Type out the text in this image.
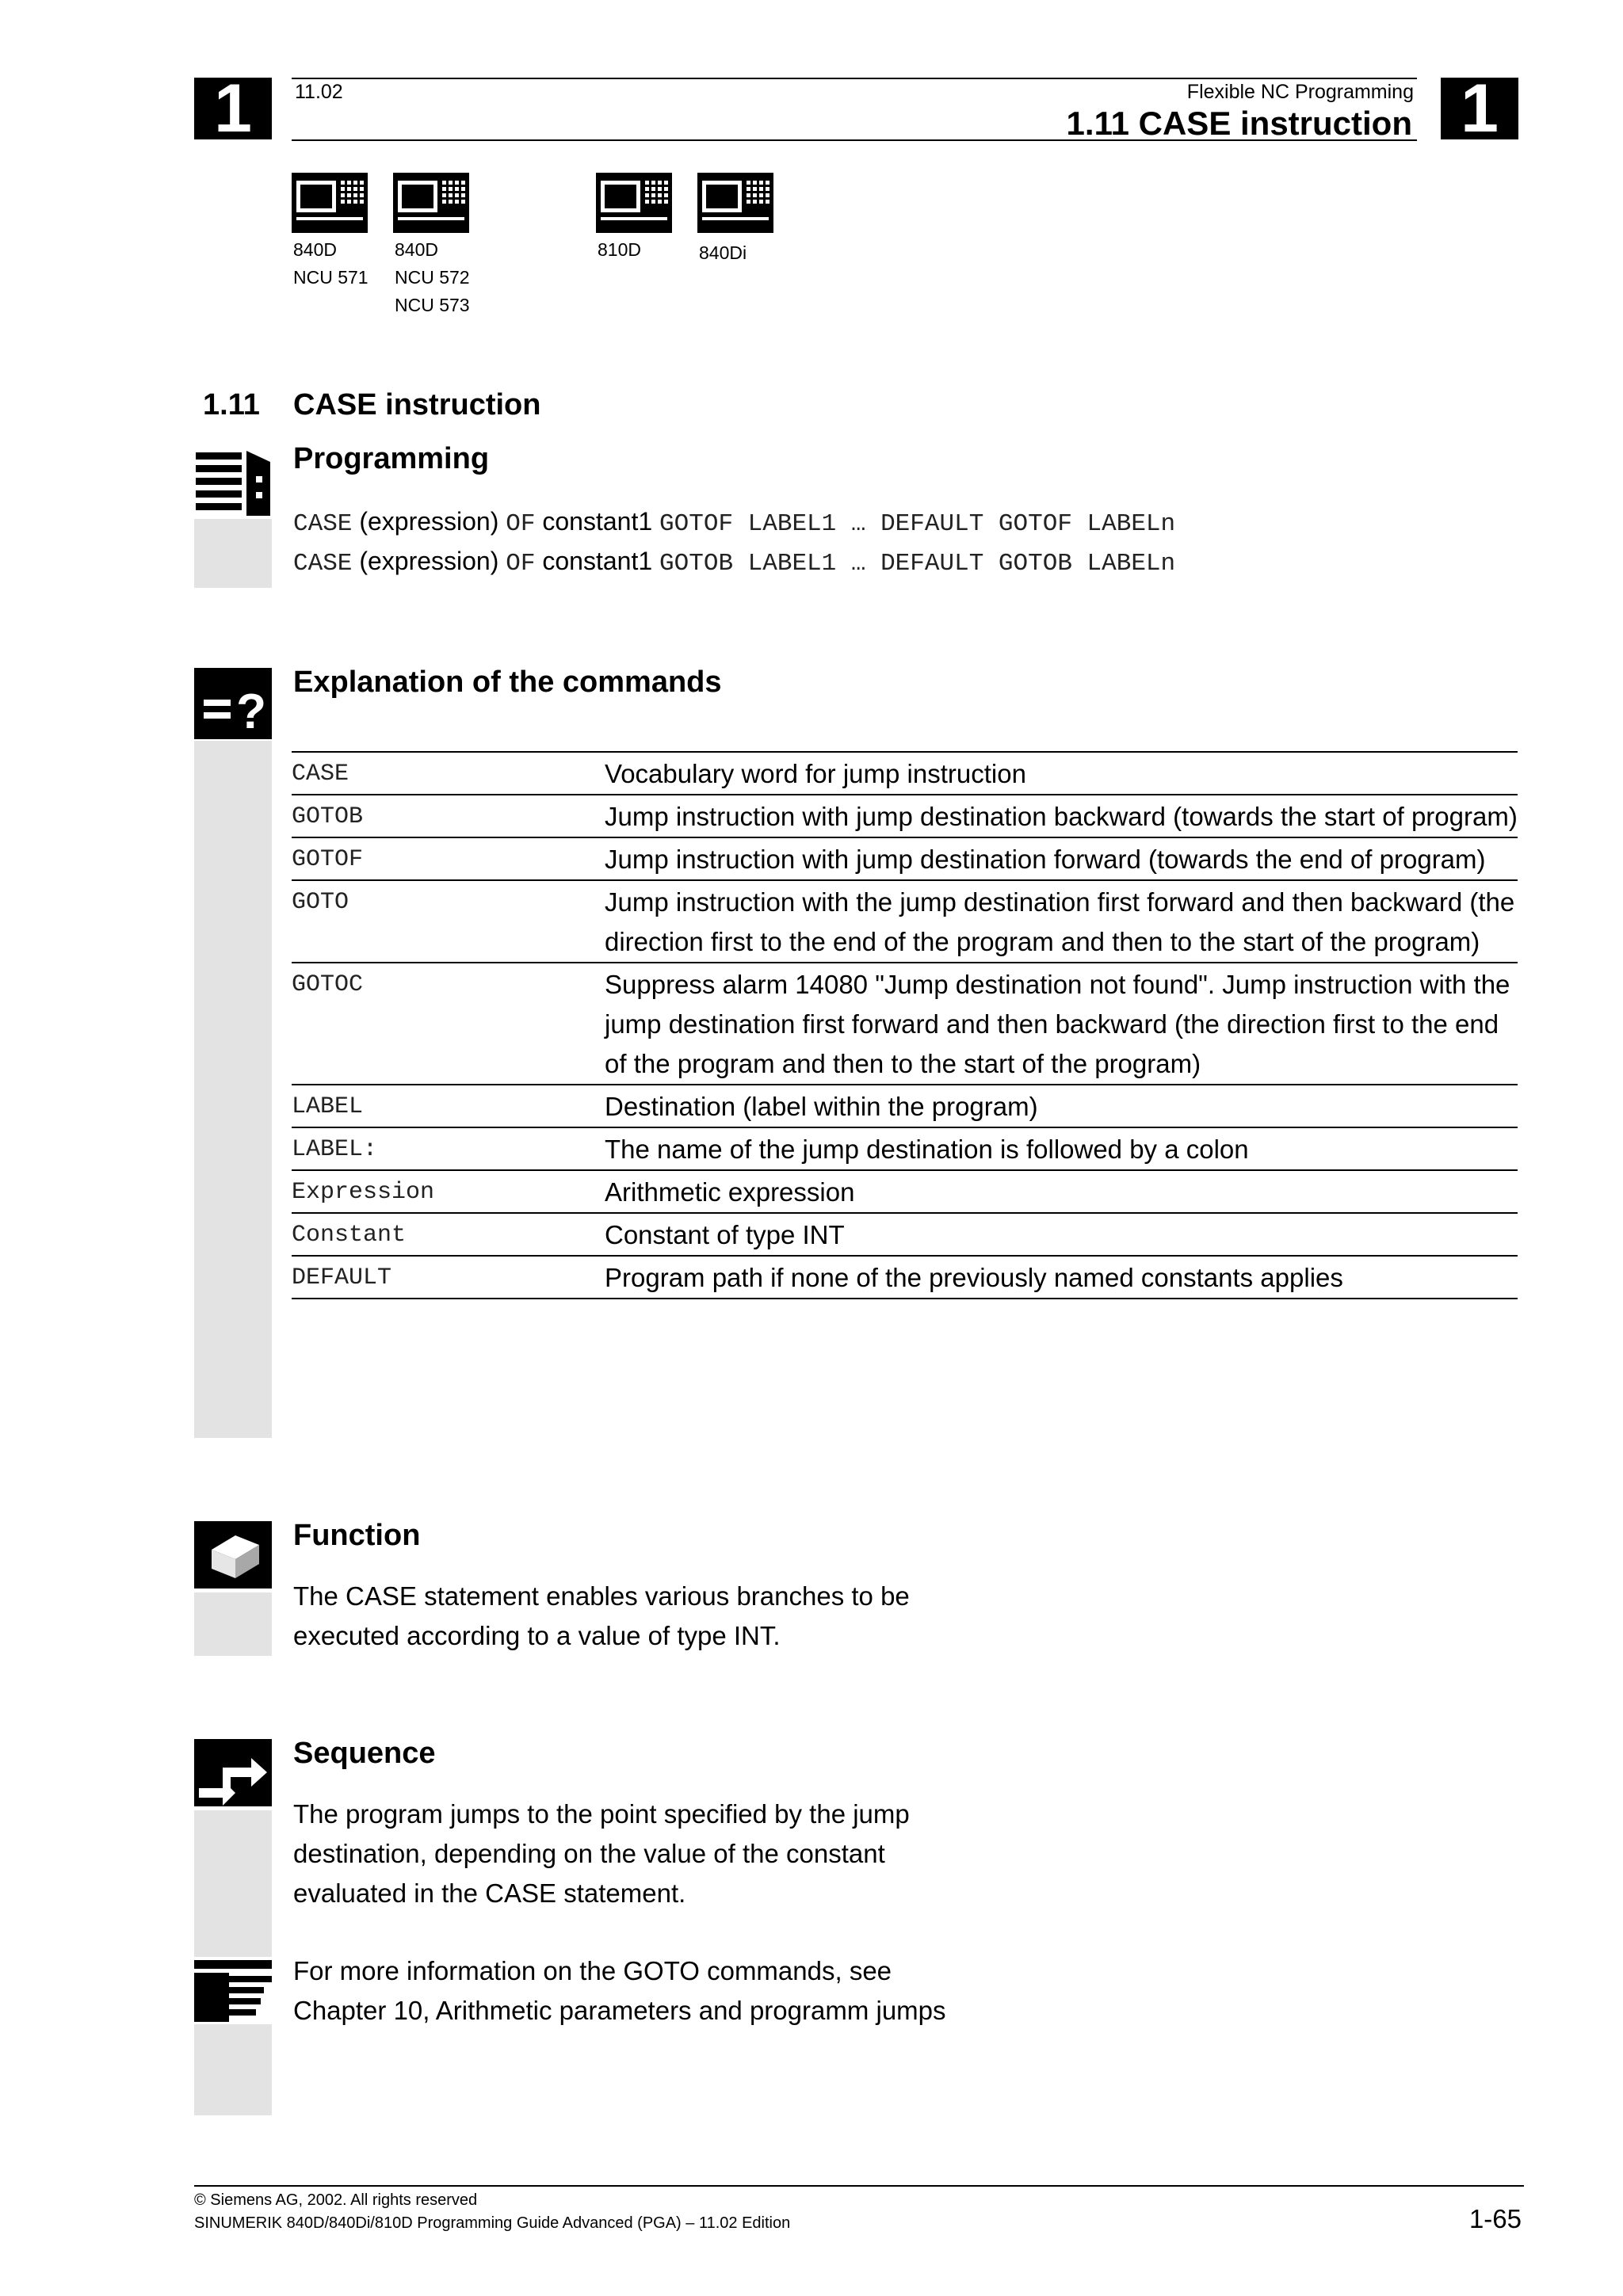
1	1
11.02	Flexible NC Programming
1.11 CASE instruction
840D
NCU 571
840D
NCU 572
NCU 573
810D	840Di
1.11 CASE instruction
Programming
CASE (expression) OF constant1 GOTOF LABEL1 … DEFAULT GOTOF LABELn
CASE (expression) OF constant1 GOTOB LABEL1 … DEFAULT GOTOB LABELn
?
Explanation of the commands
CASE	Vocabulary word for jump instruction
GOTOB	Jump instruction with jump destination backward (towards the start of program)
GOTOF	Jump instruction with jump destination forward (towards the end of program)
GOTO	Jump instruction with the jump destination first forward and then backward (the direction first to the end of the program and then to the start of the program)
GOTOC	Suppress alarm 14080 "Jump destination not found". Jump instruction with the jump destination first forward and then backward (the direction first to the end of the program and then to the start of the program)
LABEL	Destination (label within the program)
LABEL:	The name of the jump destination is followed by a colon
Expression	Arithmetic expression
Constant	Constant of type INT
DEFAULT	Program path if none of the previously named constants applies
Function
The CASE statement enables various branches to be executed according to a value of type INT.
Sequence
The program jumps to the point specified by the jump destination, depending on the value of the constant evaluated in the CASE statement.
For more information on the GOTO commands, see Chapter 10, Arithmetic parameters and programm jumps
© Siemens AG, 2002. All rights reserved
SINUMERIK 840D/840Di/810D Programming Guide Advanced (PGA) – 11.02 Edition	1-65
